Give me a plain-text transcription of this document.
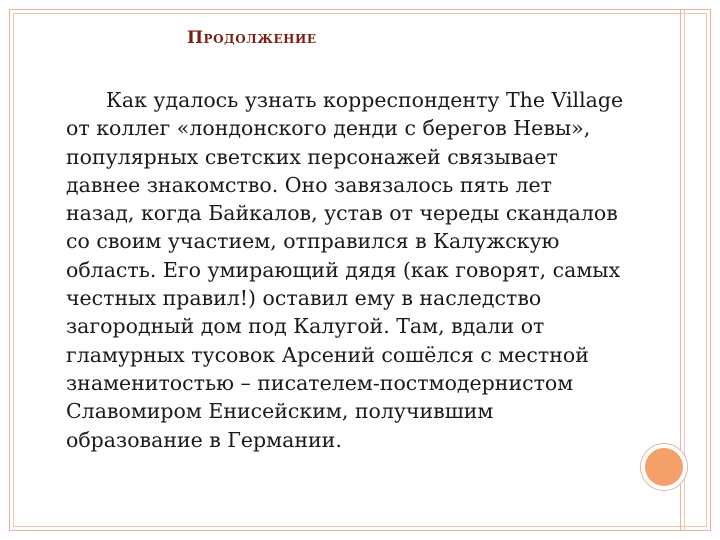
Продолжение

Как удалось узнать корреспонденту The Village от коллег «лондонского денди с берегов Невы», популярных светских персонажей связывает давнее знакомство. Оно завязалось пять лет назад, когда Байкалов, устав от череды скандалов со своим участием, отправился в Калужскую область. Его умирающий дядя (как говорят, самых честных правил!) оставил ему в наследство загородный дом под Калугой. Там, вдали от гламурных тусовок Арсений сошёлся с местной знаменитостью – писателем-постмодернистом Славомиром Енисейским, получившим образование в Германии.
